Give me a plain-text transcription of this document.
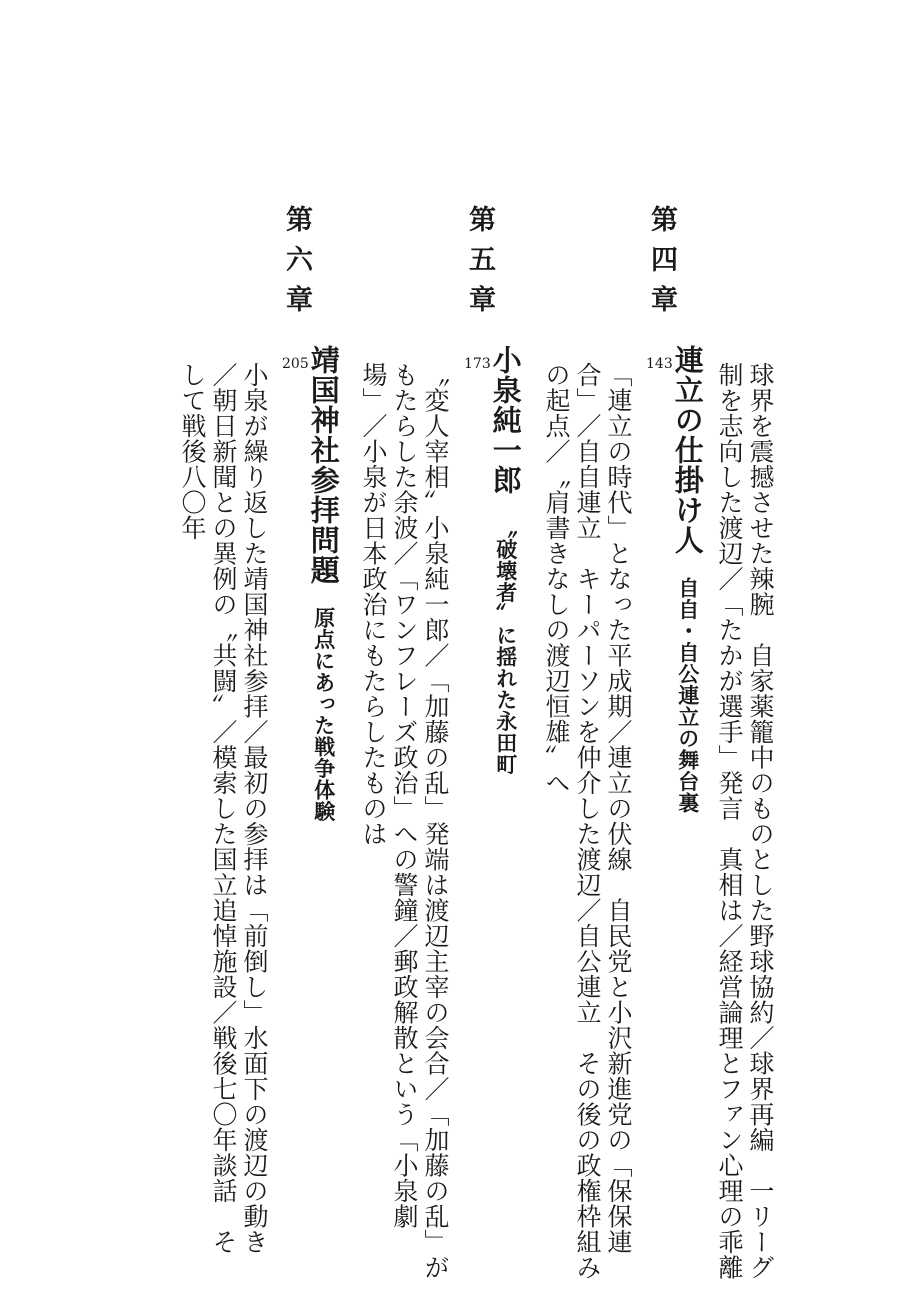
球界を震撼させた辣腕　自家薬籠中のものとした野球協約／球界再編　一リーグ
制を志向した渡辺／「たかが選手」発言　真相は／経営論理とファン心理の乖離
第四章
連立の仕掛け人自自・自公連立の舞台裏
143
「連立の時代」となった平成期／連立の伏線　自民党と小沢新進党の「保保連
合」／自自連立　キーパーソンを仲介した渡辺／自公連立　その後の政権枠組み
の起点／〝肩書きなしの渡辺恒雄〟へ
第五章
小泉純一郎〝破壊者〟に揺れた永田町
173
〝変人宰相〟小泉純一郎／「加藤の乱」発端は渡辺主宰の会合／「加藤の乱」が
もたらした余波／「ワンフレーズ政治」への警鐘／郵政解散という「小泉劇
場」／小泉が日本政治にもたらしたものは
第六章
靖国神社参拝問題原点にあった戦争体験
205
小泉が繰り返した靖国神社参拝／最初の参拝は「前倒し」水面下の渡辺の動き
／朝日新聞との異例の〝共闘〟／模索した国立追悼施設／戦後七〇年談話　そ
して戦後八〇年
